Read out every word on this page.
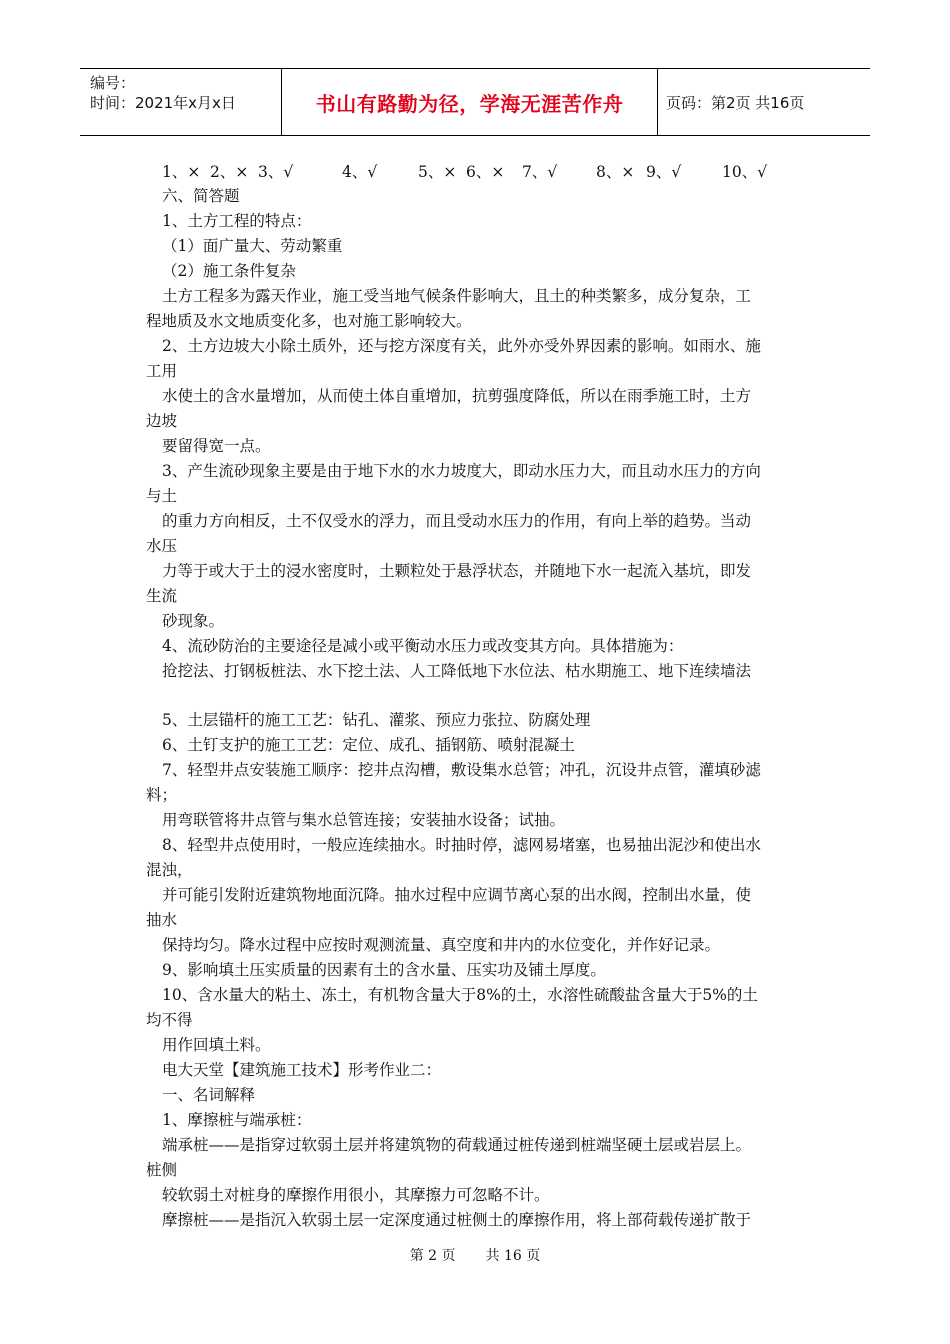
编号：
时间：2021年x月x日	书山有路勤为径，学海无涯苦作舟	页码：第2页 共16页
1、× 2、× 3、√	4、√	5、× 6、× 7、√	8、× 9、√	10、√
六、简答题
1、土方工程的特点：
（1）面广量大、劳动繁重
（2）施工条件复杂
土方工程多为露天作业，施工受当地气候条件影响大，且土的种类繁多，成分复杂，工
程地质及水文地质变化多，也对施工影响较大。
2、土方边坡大小除土质外，还与挖方深度有关，此外亦受外界因素的影响。如雨水、施
工用
水使土的含水量增加，从而使土体自重增加，抗剪强度降低，所以在雨季施工时，土方
边坡
要留得宽一点。
3、产生流砂现象主要是由于地下水的水力坡度大，即动水压力大，而且动水压力的方向
与土
的重力方向相反，土不仅受水的浮力，而且受动水压力的作用，有向上举的趋势。当动
水压
力等于或大于土的浸水密度时，土颗粒处于悬浮状态，并随地下水一起流入基坑，即发
生流
砂现象。
4、流砂防治的主要途径是减小或平衡动水压力或改变其方向。具体措施为：
抢挖法、打钢板桩法、水下挖土法、人工降低地下水位法、枯水期施工、地下连续墙法
5、土层锚杆的施工工艺：钻孔、灌浆、预应力张拉、防腐处理
6、土钉支护的施工工艺：定位、成孔、插钢筋、喷射混凝土
7、轻型井点安装施工顺序：挖井点沟槽，敷设集水总管；冲孔，沉设井点管，灌填砂滤
料；
用弯联管将井点管与集水总管连接；安装抽水设备；试抽。
8、轻型井点使用时，一般应连续抽水。时抽时停，滤网易堵塞，也易抽出泥沙和使出水
混浊，
并可能引发附近建筑物地面沉降。抽水过程中应调节离心泵的出水阀，控制出水量，使
抽水
保持均匀。降水过程中应按时观测流量、真空度和井内的水位变化，并作好记录。
9、影响填土压实质量的因素有土的含水量、压实功及铺土厚度。
10、含水量大的粘土、冻土，有机物含量大于8%的土，水溶性硫酸盐含量大于5%的土
均不得
用作回填土料。
电大天堂【建筑施工技术】形考作业二：
一、名词解释
1、摩擦桩与端承桩：
端承桩——是指穿过软弱土层并将建筑物的荷载通过桩传递到桩端坚硬土层或岩层上。
桩侧
较软弱土对桩身的摩擦作用很小，其摩擦力可忽略不计。
摩擦桩——是指沉入软弱土层一定深度通过桩侧土的摩擦作用，将上部荷载传递扩散于
第 2 页 共 16 页
